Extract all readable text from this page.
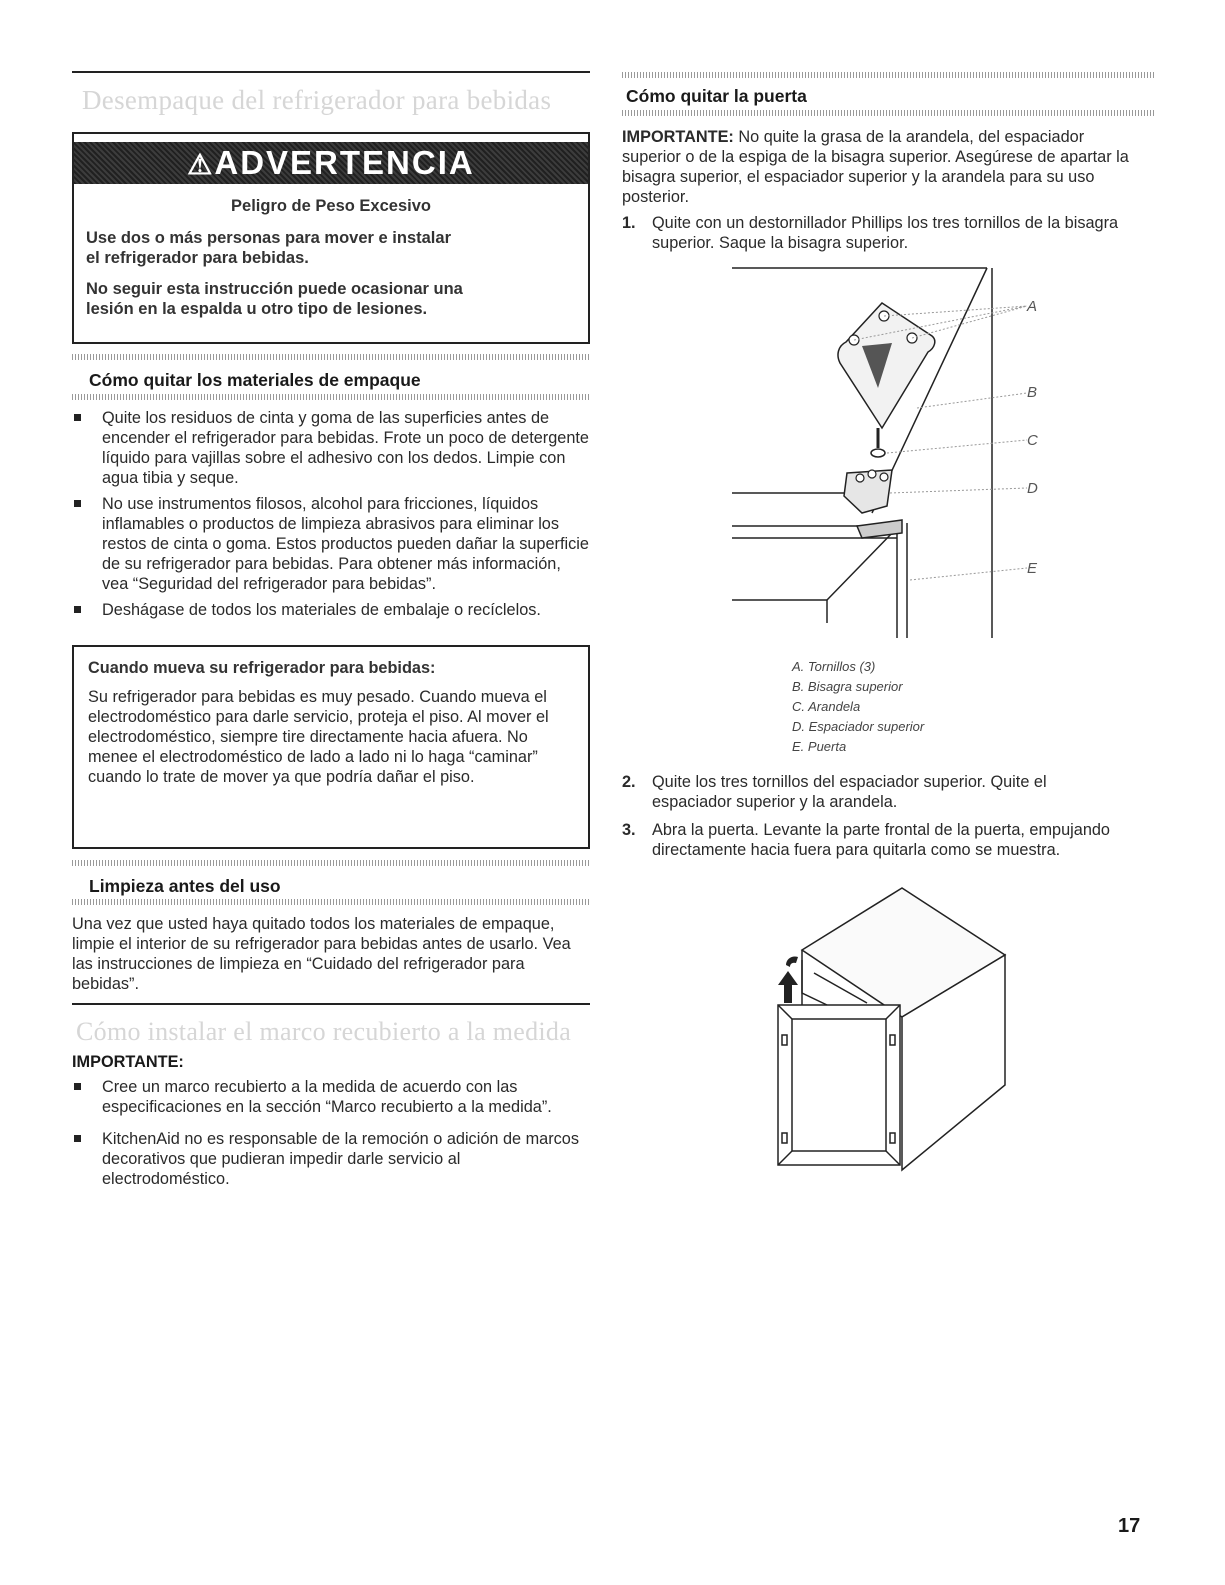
Desempaque del refrigerador para bebidas
⚠ADVERTENCIA
Peligro de Peso Excesivo
Use dos o más personas para mover e instalar
el refrigerador para bebidas.
No seguir esta instrucción puede ocasionar una
lesión en la espalda u otro tipo de lesiones.
Cómo quitar los materiales de empaque
Quite los residuos de cinta y goma de las superficies antes de encender el refrigerador para bebidas. Frote un poco de detergente líquido para vajillas sobre el adhesivo con los dedos. Limpie con agua tibia y seque.
No use instrumentos filosos, alcohol para fricciones, líquidos inflamables o productos de limpieza abrasivos para eliminar los restos de cinta o goma. Estos productos pueden dañar la superficie de su refrigerador para bebidas. Para obtener más información, vea “Seguridad del refrigerador para bebidas”.
Deshágase de todos los materiales de embalaje o recíclelos.
Cuando mueva su refrigerador para bebidas:
Su refrigerador para bebidas es muy pesado. Cuando mueva el electrodoméstico para darle servicio, proteja el piso. Al mover el electrodoméstico, siempre tire directamente hacia afuera. No menee el electrodoméstico de lado a lado ni lo haga “caminar” cuando lo trate de mover ya que podría dañar el piso.
Limpieza antes del uso
Una vez que usted haya quitado todos los materiales de empaque, limpie el interior de su refrigerador para bebidas antes de usarlo. Vea las instrucciones de limpieza en “Cuidado del refrigerador para bebidas”.
Cómo instalar el marco recubierto a la medida
IMPORTANTE:
Cree un marco recubierto a la medida de acuerdo con las especificaciones en la sección “Marco recubierto a la medida”.
KitchenAid no es responsable de la remoción o adición de marcos decorativos que pudieran impedir darle servicio al electrodoméstico.
Cómo quitar la puerta
IMPORTANTE: No quite la grasa de la arandela, del espaciador superior o de la espiga de la bisagra superior. Asegúrese de apartar la bisagra superior, el espaciador superior y la arandela para su uso posterior.
1. Quite con un destornillador Phillips los tres tornillos de la bisagra superior. Saque la bisagra superior.
A
B
C
D
E
A. Tornillos (3)
B. Bisagra superior
C. Arandela
D. Espaciador superior
E. Puerta
2. Quite los tres tornillos del espaciador superior. Quite el espaciador superior y la arandela.
3. Abra la puerta. Levante la parte frontal de la puerta, empujando directamente hacia fuera para quitarla como se muestra.
17
